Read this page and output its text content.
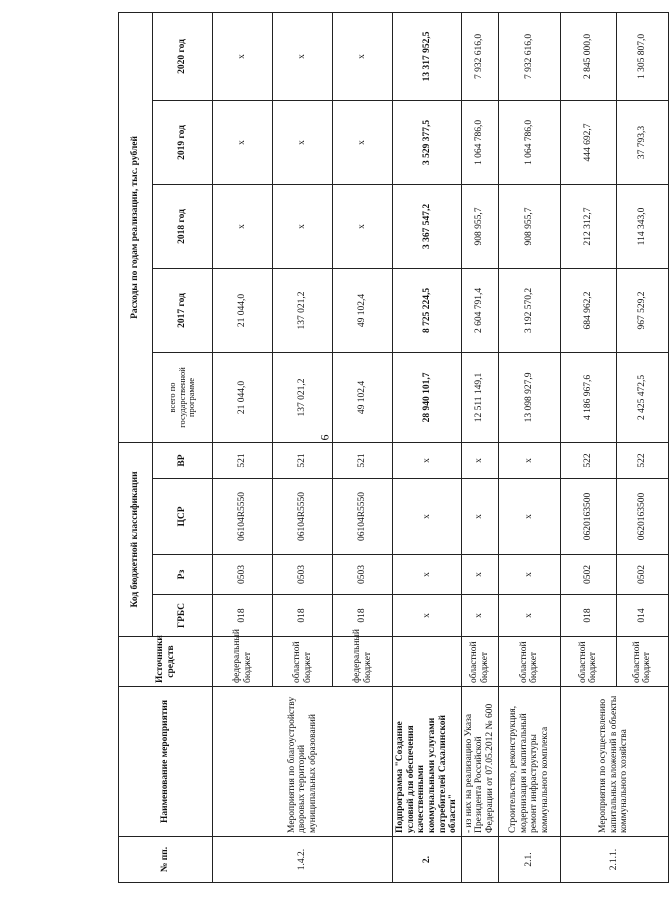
6
№ пп.	Наименование мероприятия	Источники средств	Код бюджетной классификации				Расходы по годам реализации, тыс. рублей				
			ГРБС	Рз	ЦСР	ВР	всего по государственной программе	2017 год	2018 год	2019 год	2020 год
1.4.2.	Мероприятия по благоустройству дворовых территорий муниципальных образований	федеральный бюджет	018	0503	06104R5550	521	21 044,0	21 044,0	x	x	x
		областной бюджет	018	0503	06104R5550	521	137 021,2	137 021,2	x	x	x
		федеральный бюджет	018	0503	06104R5550	521	49 102,4	49 102,4	x	x	x
2.	Подпрограмма "Создание условий для обеспечения качественными коммунальными услугами потребителей Сахалинской области"		x	x	x	x	28 940 101,7	8 725 224,5	3 367 547,2	3 529 377,5	13 317 952,5
	- из них на реализацию Указа Президента Российской Федерации от 07.05.2012 № 600	областной бюджет	x	x	x	x	12 511 149,1	2 604 791,4	908 955,7	1 064 786,0	7 932 616,0
2.1.	Строительство, реконструкция, модернизация и капитальный ремонт инфраструктуры коммунального комплекса	областной бюджет	x	x	x	x	13 098 927,9	3 192 570,2	908 955,7	1 064 786,0	7 932 616,0
2.1.1.	Мероприятия по осуществлению капитальных вложений в объекты коммунального хозяйства	областной бюджет	018	0502	0620163500	522	4 186 967,6	684 962,2	212 312,7	444 692,7	2 845 000,0
		областной бюджет	014	0502	0620163500	522	2 425 472,5	967 529,2	114 343,0	37 793,3	1 305 807,0
